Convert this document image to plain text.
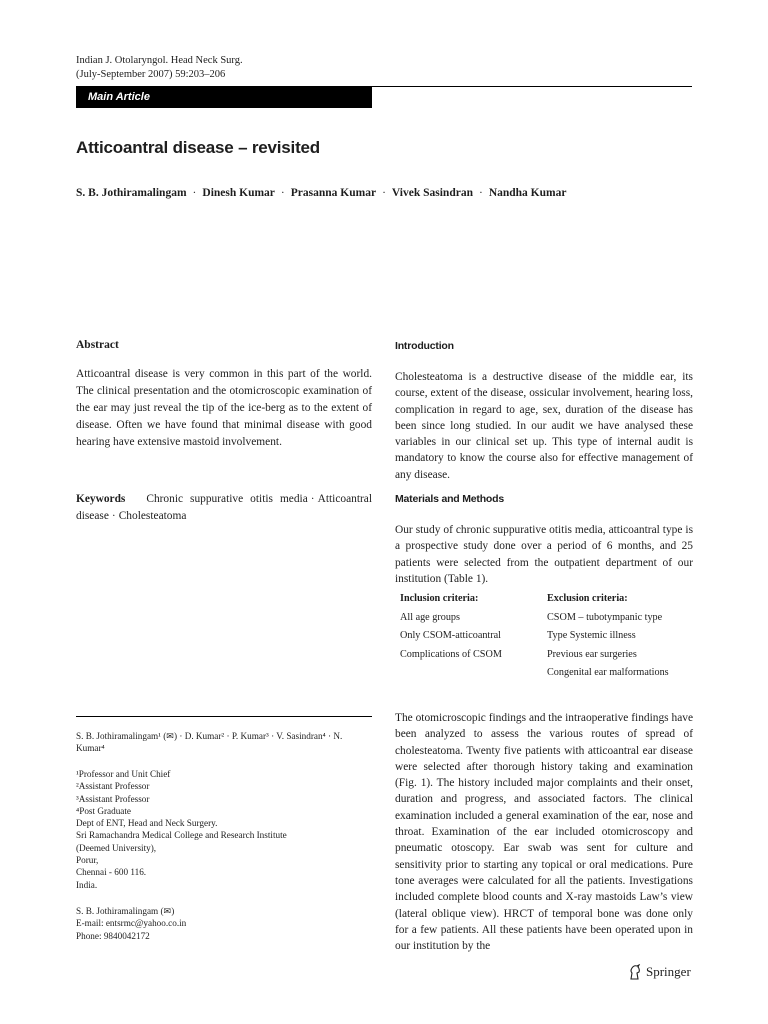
Indian J. Otolaryngol. Head Neck Surg.
(July-September 2007) 59:203–206
Main Article
Atticoantral disease – revisited
S. B. Jothiramalingam · Dinesh Kumar · Prasanna Kumar · Vivek Sasindran · Nandha Kumar
Abstract
Atticoantral disease is very common in this part of the world. The clinical presentation and the otomicroscopic examination of the ear may just reveal the tip of the ice-berg as to the extent of disease. Often we have found that minimal disease with good hearing have extensive mastoid involvement.
Keywords Chronic suppurative otitis media · Atticoantral disease · Cholesteatoma
Introduction
Cholesteatoma is a destructive disease of the middle ear, its course, extent of the disease, ossicular involvement, hearing loss, complication in regard to age, sex, duration of the disease has been since long studied. In our audit we have analysed these variables in our clinical set up. This type of internal audit is mandatory to know the course also for effective management of any disease.
Materials and Methods
Our study of chronic suppurative otitis media, atticoantral type is a prospective study done over a period of 6 months, and 25 patients were selected from the outpatient department of our institution (Table 1).
Inclusion criteria:	Exclusion criteria:
All age groups	CSOM – tubotympanic type
Only CSOM-atticoantral	Type Systemic illness
Complications of CSOM	Previous ear surgeries
	Congenital ear malformations
The otomicroscopic findings and the intraoperative findings have been analyzed to assess the various routes of spread of cholesteatoma. Twenty five patients with atticoantral ear disease were selected after thorough history taking and examination (Fig. 1). The history included major complaints and their onset, duration and progress, and associated factors. The clinical examination included a general examination of the ear, nose and throat. Examination of the ear included otomicroscopy and pneumatic otoscopy. Ear swab was sent for culture and sensitivity prior to starting any topical or oral medications. Pure tone averages were calculated for all the patients. Investigations included complete blood counts and X-ray mastoids Law’s view (lateral oblique view). HRCT of temporal bone was done only for a few patients. All these patients have been operated upon in our institution by the
S. B. Jothiramalingam¹ (✉) · D. Kumar² · P. Kumar³ · V. Sasindran⁴ · N. Kumar⁴
¹Professor and Unit Chief
²Assistant Professor
³Assistant Professor
⁴Post Graduate
Dept of ENT, Head and Neck Surgery.
Sri Ramachandra Medical College and Research Institute
(Deemed University),
Porur,
Chennai - 600 116.
India.
S. B. Jothiramalingam (✉)
E-mail: entsrmc@yahoo.co.in
Phone: 9840042172
Springer
